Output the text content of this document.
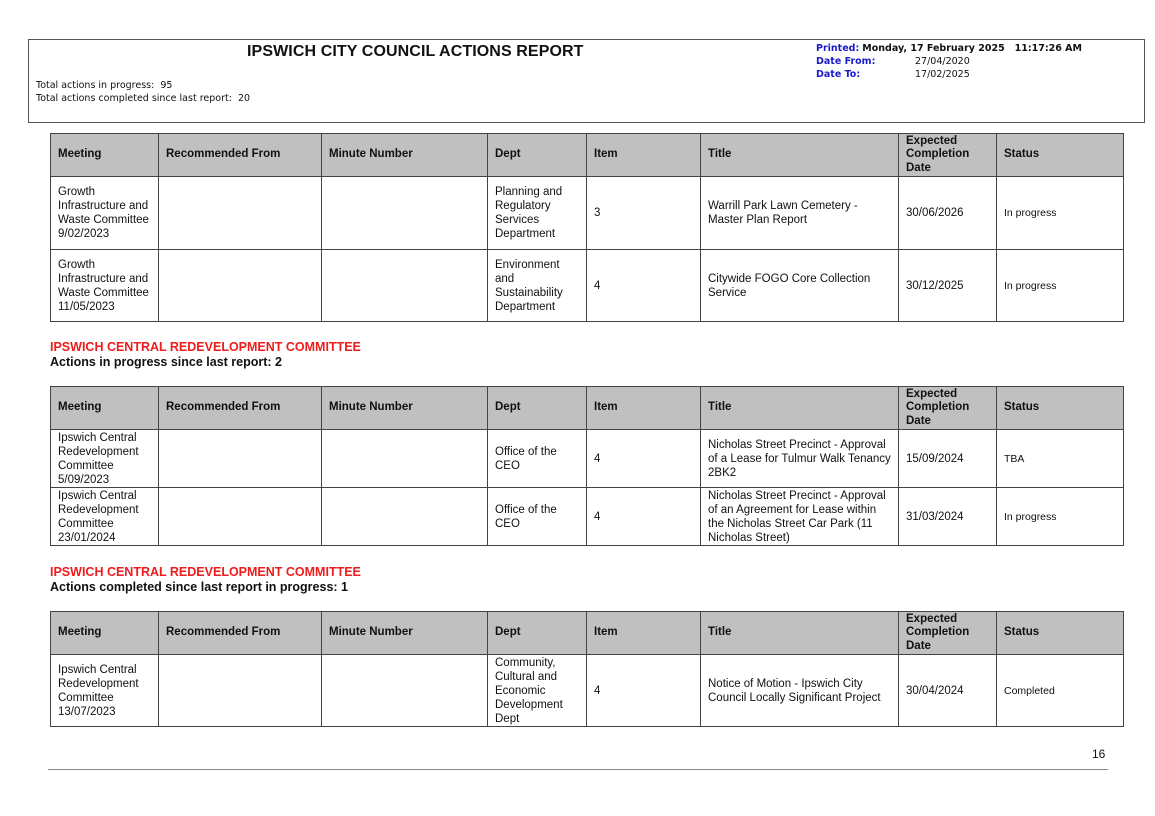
IPSWICH CITY COUNCIL ACTIONS REPORT
Total actions in progress: 95
Total actions completed since last report: 20
Printed: Monday, 17 February 2025   11:17:26 AM
Date From:	27/04/2020
Date To:	17/02/2025
Meeting	Recommended From	Minute Number	Dept	Item	Title	Expected Completion Date	Status
Growth Infrastructure and Waste Committee 9/02/2023			Planning and Regulatory Services Department	3	Warrill Park Lawn Cemetery - Master Plan Report	30/06/2026	In progress
Growth Infrastructure and Waste Committee 11/05/2023			Environment and Sustainability Department	4	Citywide FOGO Core Collection Service	30/12/2025	In progress
IPSWICH CENTRAL REDEVELOPMENT COMMITTEE
Actions in progress since last report: 2
Meeting	Recommended From	Minute Number	Dept	Item	Title	Expected Completion Date	Status
Ipswich Central Redevelopment Committee 5/09/2023			Office of the CEO	4	Nicholas Street Precinct - Approval of a Lease for Tulmur Walk Tenancy 2BK2	15/09/2024	TBA
Ipswich Central Redevelopment Committee 23/01/2024			Office of the CEO	4	Nicholas Street Precinct - Approval of an Agreement for Lease within the Nicholas Street Car Park (11 Nicholas Street)	31/03/2024	In progress
IPSWICH CENTRAL REDEVELOPMENT COMMITTEE
Actions completed since last report in progress: 1
Meeting	Recommended From	Minute Number	Dept	Item	Title	Expected Completion Date	Status
Ipswich Central Redevelopment Committee 13/07/2023			Community, Cultural and Economic Development Dept	4	Notice of Motion - Ipswich City Council Locally Significant Project	30/04/2024	Completed
16
